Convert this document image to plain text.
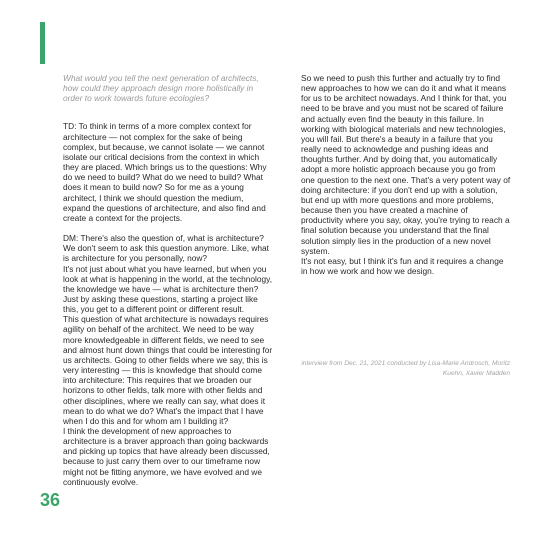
What would you tell the next generation of architects, how could they approach design more holistically in order to work towards future ecologies?

TD: To think in terms of a more complex context for architecture — not complex for the sake of being complex, but because, we cannot isolate — we cannot isolate our critical decisions from the context in which they are placed. Which brings us to the questions: Why do we need to build? What do we need to build? What does it mean to build now? So for me as a young architect, I think we should question the medium, expand the questions of architecture, and also find and create a context for the projects.

DM: There's also the question of, what is architecture? We don't seem to ask this question anymore. Like, what is architecture for you personally, now?

It's not just about what you have learned, but when you look at what is happening in the world, at the technology, the knowledge we have — what is architecture then? Just by asking these questions, starting a project like this, you get to a different point or different result.

This question of what architecture is nowadays requires agility on behalf of the architect. We need to be way more knowledgeable in different fields, we need to see and almost hunt down things that could be interesting for us architects. Going to other fields where we say, this is very interesting — this is knowledge that should come into architecture: This requires that we broaden our horizons to other fields, talk more with other fields and other disciplines, where we really can say, what does it mean to do what we do? What's the impact that I have when I do this and for whom am I building it?

I think the development of new approaches to architecture is a braver approach than going backwards and picking up topics that have already been discussed, because to just carry them over to our timeframe now might not be fitting anymore, we have evolved and we continuously evolve.

So we need to push this further and actually try to find new approaches to how we can do it and what it means for us to be architect nowadays. And I think for that, you need to be brave and you must not be scared of failure and actually even find the beauty in this failure. In working with biological materials and new technologies, you will fail. But there's a beauty in a failure that you really need to acknowledge and pushing ideas and thoughts further. And by doing that, you automatically adopt a more holistic approach because you go from one question to the next one. That's a very potent way of doing architecture: if you don't end up with a solution, but end up with more questions and more problems, because then you have created a machine of productivity where you say, okay, you're trying to reach a final solution because you understand that the final solution simply lies in the production of a new novel system.

It's not easy, but I think it's fun and it requires a change in how we work and how we design.

interview from Dec. 21, 2021 conducted by Lisa-Marie Androsch, Moritz Kuehn, Xavier Madden
36
